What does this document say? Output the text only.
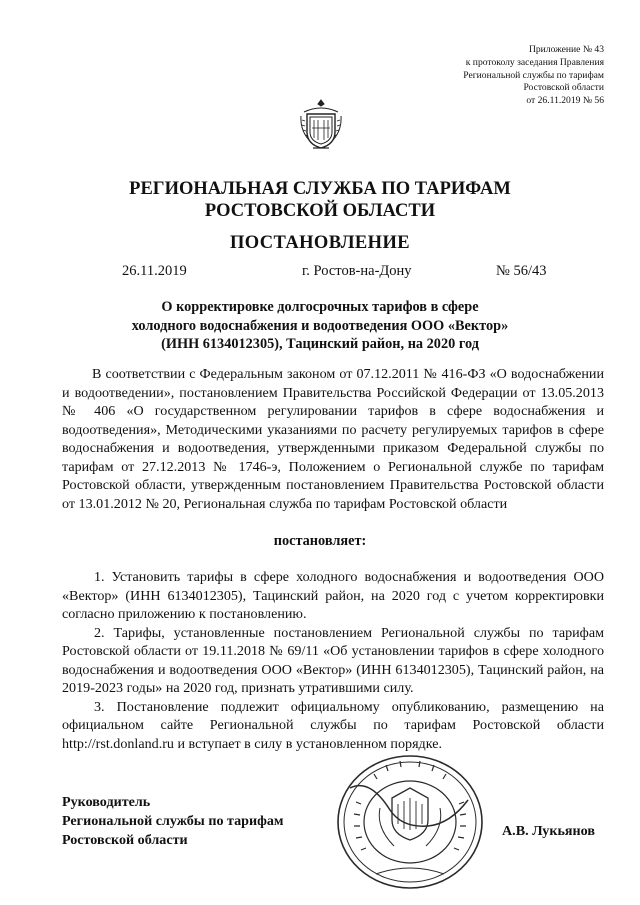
Приложение № 43
к протоколу заседания Правления
Региональной службы по тарифам
Ростовской области
от 26.11.2019 № 56
РЕГИОНАЛЬНАЯ СЛУЖБА ПО ТАРИФАМ
РОСТОВСКОЙ ОБЛАСТИ
ПОСТАНОВЛЕНИЕ
26.11.2019	г. Ростов-на-Дону	№ 56/43
О корректировке долгосрочных тарифов в сфере
холодного водоснабжения и водоотведения ООО «Вектор»
(ИНН 6134012305), Тацинский район, на 2020 год
В соответствии с Федеральным законом от 07.12.2011 № 416-ФЗ «О водоснабжении и водоотведении», постановлением Правительства Российской Федерации от 13.05.2013 № 406 «О государственном регулировании тарифов в сфере водоснабжения и водоотведения», Методическими указаниями по расчету регулируемых тарифов в сфере водоснабжения и водоотведения, утвержденными приказом Федеральной службы по тарифам от 27.12.2013 № 1746-э, Положением о Региональной службе по тарифам Ростовской области, утвержденным постановлением Правительства Ростовской области от 13.01.2012 № 20, Региональная служба по тарифам Ростовской области
постановляет:

1. Установить тарифы в сфере холодного водоснабжения и водоотведения ООО «Вектор» (ИНН 6134012305), Тацинский район, на 2020 год с учетом корректировки согласно приложению к постановлению.

2. Тарифы, установленные постановлением Региональной службы по тарифам Ростовской области от 19.11.2018 № 69/11 «Об установлении тарифов в сфере холодного водоснабжения и водоотведения ООО «Вектор» (ИНН 6134012305), Тацинский район, на 2019-2023 годы» на 2020 год, признать утратившими силу.

3. Постановление подлежит официальному опубликованию, размещению на официальном сайте Региональной службы по тарифам Ростовской области http://rst.donland.ru и вступает в силу в установленном порядке.

Руководитель
Региональной службы по тарифам
Ростовской области
А.В. Лукьянов
